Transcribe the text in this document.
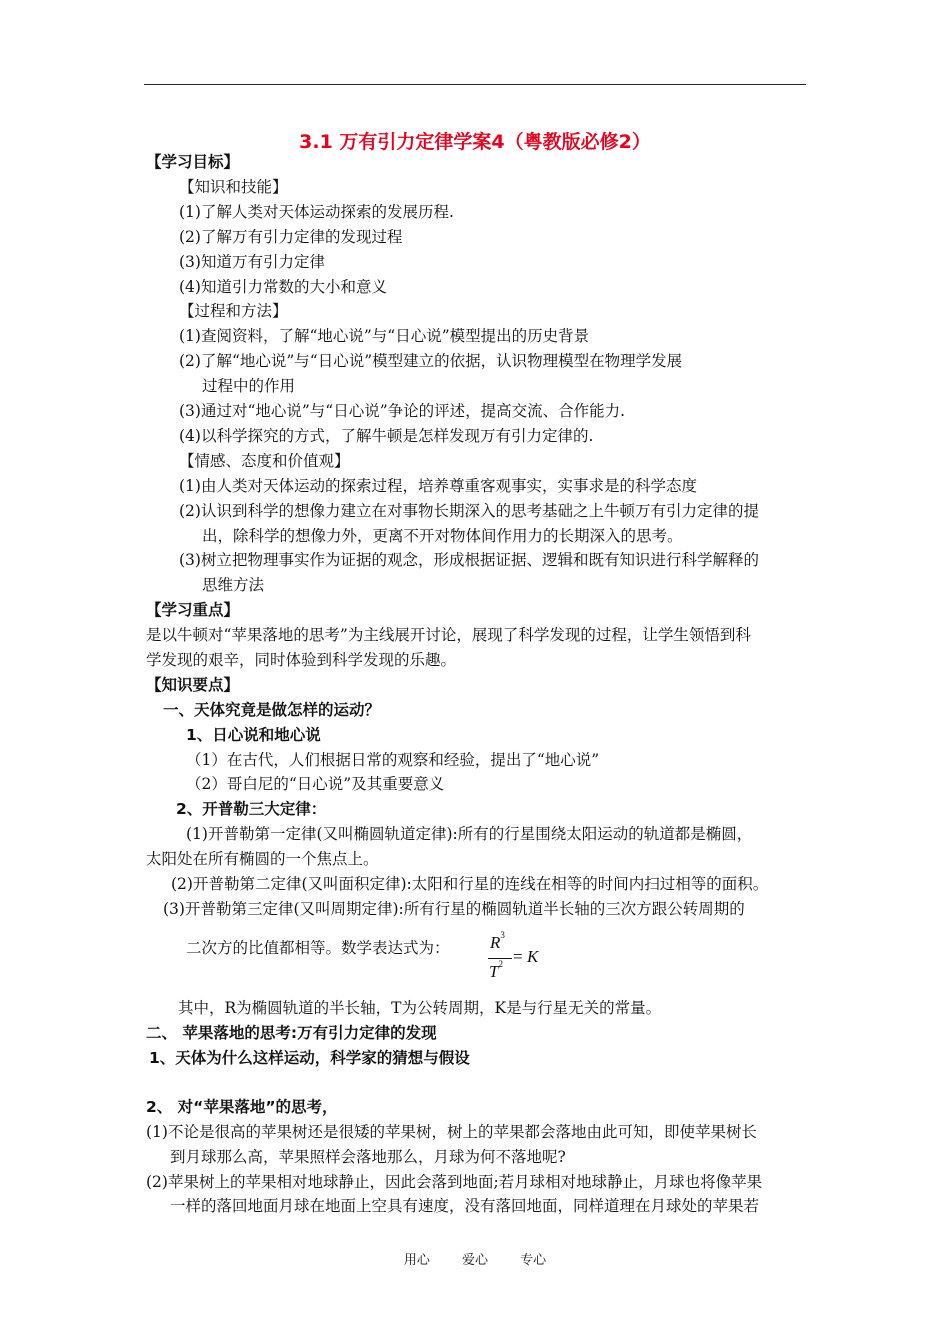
3.1 万有引力定律学案4（粤教版必修2）
【学习目标】
【知识和技能】
(1)了解人类对天体运动探索的发展历程.
(2)了解万有引力定律的发现过程
(3)知道万有引力定律
(4)知道引力常数的大小和意义
【过程和方法】
(1)查阅资料，了解“地心说”与“日心说”模型提出的历史背景
(2)了解“地心说”与“日心说”模型建立的依据，认识物理模型在物理学发展
过程中的作用
(3)通过对“地心说”与“日心说”争论的评述，提高交流、合作能力.
(4)以科学探究的方式，了解牛顿是怎样发现万有引力定律的.
【情感、态度和价值观】
(1)由人类对天体运动的探索过程，培养尊重客观事实，实事求是的科学态度
(2)认识到科学的想像力建立在对事物长期深入的思考基础之上牛顿万有引力定律的提
出，除科学的想像力外，更离不开对物体间作用力的长期深入的思考。
(3)树立把物理事实作为证据的观念，形成根据证据、逻辑和既有知识进行科学解释的
思维方法
【学习重点】
是以牛顿对“苹果落地的思考”为主线展开讨论，展现了科学发现的过程，让学生领悟到科
学发现的艰辛，同时体验到科学发现的乐趣。
【知识要点】
一、天体究竟是做怎样的运动？
1、日心说和地心说
（1）在古代，人们根据日常的观察和经验，提出了“地心说”
（2）哥白尼的“日心说”及其重要意义
2、开普勒三大定律：
(1)开普勒第一定律(又叫椭圆轨道定律):所有的行星围绕太阳运动的轨道都是椭圆，
太阳处在所有椭圆的一个焦点上。
(2)开普勒第二定律(又叫面积定律):太阳和行星的连线在相等的时间内扫过相等的面积。
(3)开普勒第三定律(又叫周期定律):所有行星的椭圆轨道半长轴的三次方跟公转周期的
二次方的比值都相等。数学表达式为：
其中，R为椭圆轨道的半长轴，T为公转周期，K是与行星无关的常量。
二、 苹果落地的思考:万有引力定律的发现
1、天体为什么这样运动，科学家的猜想与假设
2、 对“苹果落地”的思考，
(1)不论是很高的苹果树还是很矮的苹果树，树上的苹果都会落地由此可知，即使苹果树长
到月球那么高，苹果照样会落地那么，月球为何不落地呢?
(2)苹果树上的苹果相对地球静止，因此会落到地面;若月球相对地球静止，月球也将像苹果
一样的落回地面月球在地面上空具有速度，没有落回地面，同样道理在月球处的苹果若
$R^3$
$T^2 = K$
用心 爱心 专心
